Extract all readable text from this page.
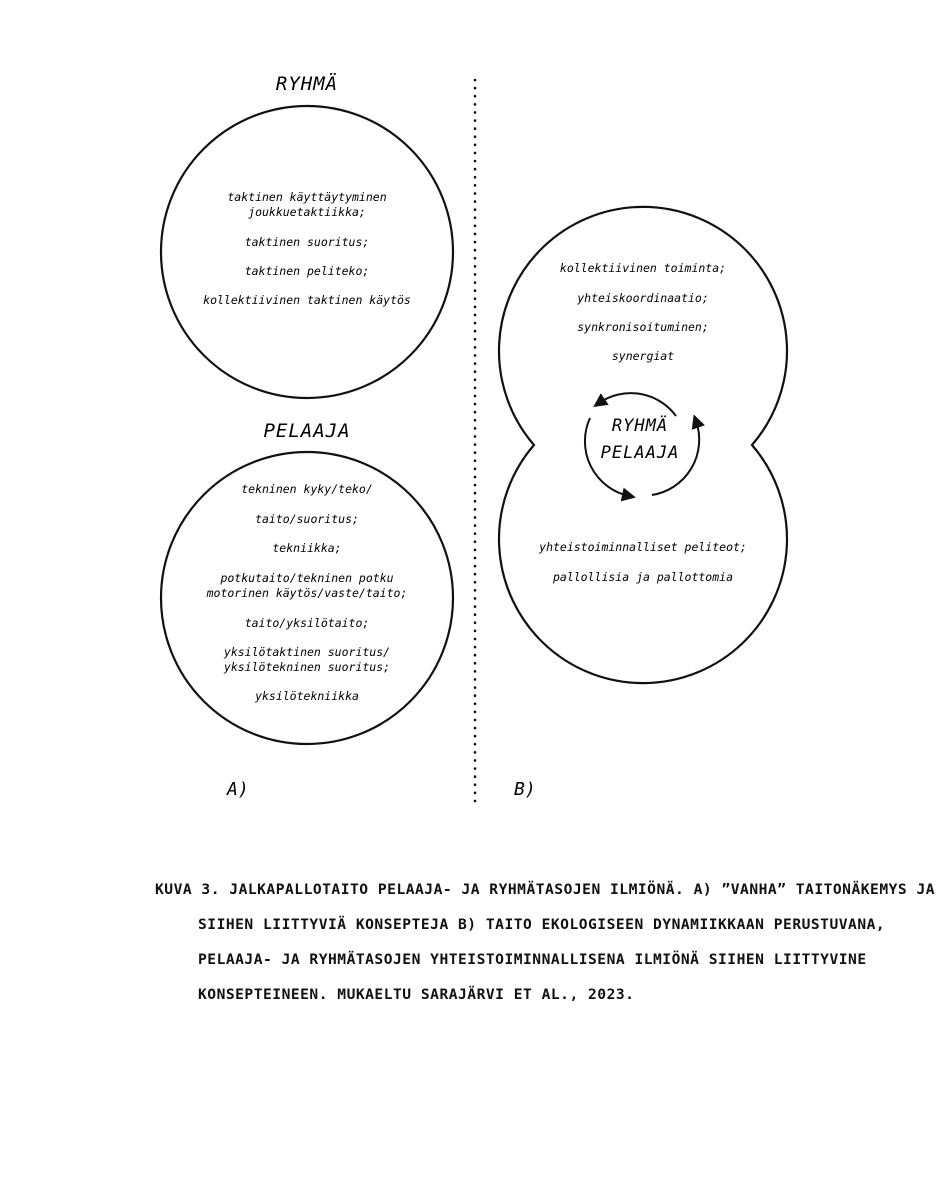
RYHMÄ
taktinen käyttäytyminen
joukkuetaktiikka;
taktinen suoritus;
taktinen peliteko;
kollektiivinen taktinen käytös
PELAAJA
tekninen kyky/teko/
taito/suoritus;
tekniikka;
potkutaito/tekninen potku
motorinen käytös/vaste/taito;
taito/yksilötaito;
yksilötaktinen suoritus/
yksilötekninen suoritus;
yksilötekniikka
A)
kollektiivinen toiminta;
yhteiskoordinaatio;
synkronisoituminen;
synergiat
RYHMÄ
PELAAJA
yhteistoiminnalliset peliteot;
pallollisia ja pallottomia
B)

KUVA 3. JALKAPALLOTAITO PELAAJA- JA RYHMÄTASOJEN ILMIÖNÄ. A) ”VANHA” TAITONÄKEMYS JA SIIHEN LIITTYVIÄ KONSEPTEJA B) TAITO EKOLOGISEEN DYNAMIIKKAAN PERUSTUVANA, PELAAJA- JA RYHMÄTASOJEN YHTEISTOIMINNALLISENA ILMIÖNÄ SIIHEN LIITTYVINE KONSEPTEINEEN. MUKAELTU SARAJÄRVI ET AL., 2023.
